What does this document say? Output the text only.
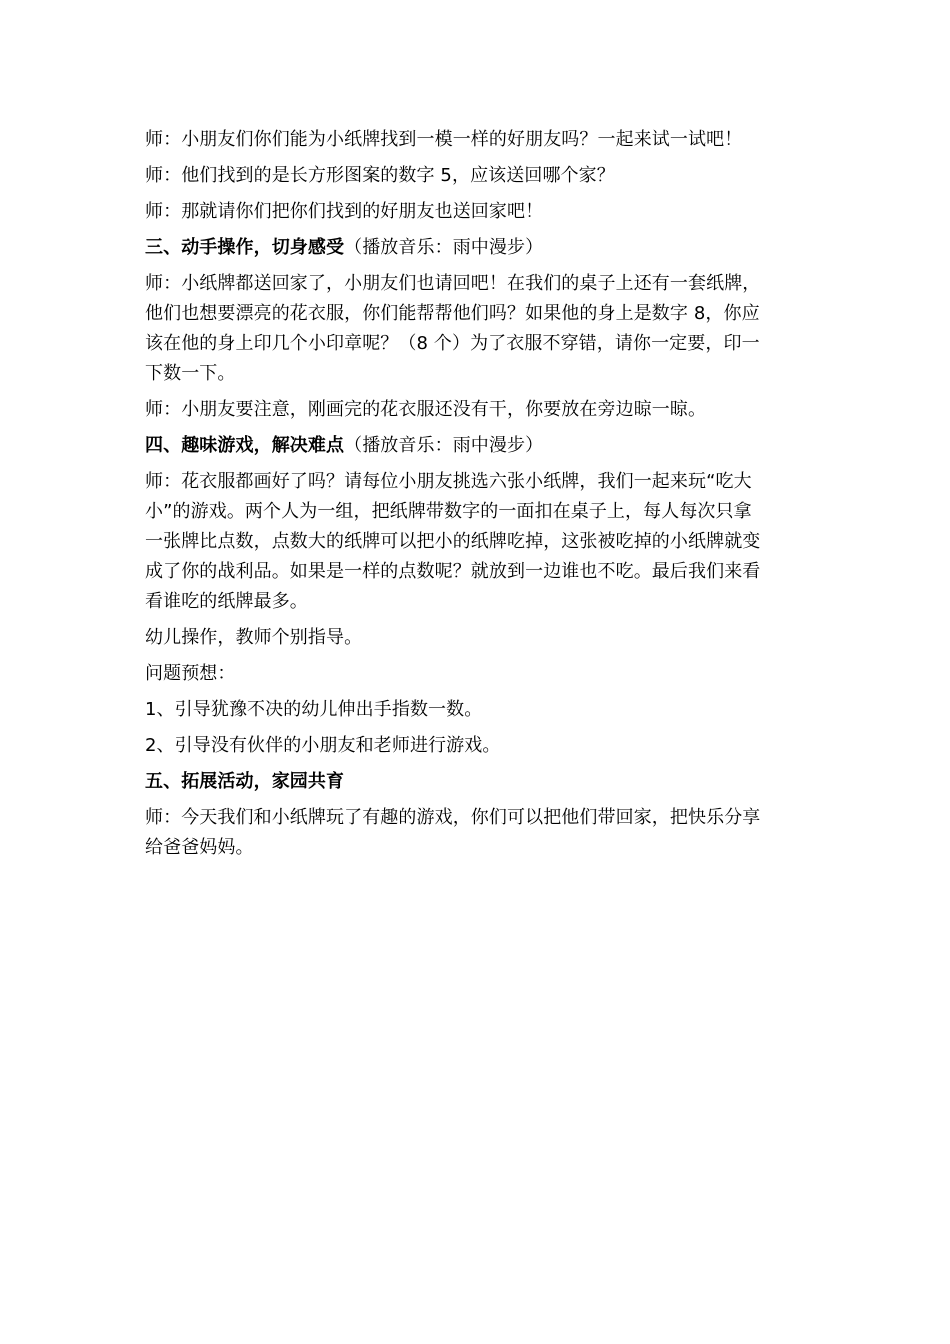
师：小朋友们你们能为小纸牌找到一模一样的好朋友吗？一起来试一试吧！

师：他们找到的是长方形图案的数字 5，应该送回哪个家？

师：那就请你们把你们找到的好朋友也送回家吧！

三、动手操作，切身感受（播放音乐：雨中漫步）

师：小纸牌都送回家了，小朋友们也请回吧！在我们的桌子上还有一套纸牌，

他们也想要漂亮的花衣服，你们能帮帮他们吗？如果他的身上是数字 8，你应

该在他的身上印几个小印章呢？（8 个）为了衣服不穿错，请你一定要，印一

下数一下。

师：小朋友要注意，刚画完的花衣服还没有干，你要放在旁边晾一晾。

四、趣味游戏，解决难点（播放音乐：雨中漫步）

师：花衣服都画好了吗？请每位小朋友挑选六张小纸牌，我们一起来玩“吃大

小”的游戏。两个人为一组，把纸牌带数字的一面扣在桌子上，每人每次只拿

一张牌比点数，点数大的纸牌可以把小的纸牌吃掉，这张被吃掉的小纸牌就变

成了你的战利品。如果是一样的点数呢？就放到一边谁也不吃。最后我们来看

看谁吃的纸牌最多。

幼儿操作，教师个别指导。

问题预想：

1、引导犹豫不决的幼儿伸出手指数一数。

2、引导没有伙伴的小朋友和老师进行游戏。

五、拓展活动，家园共育

师：今天我们和小纸牌玩了有趣的游戏，你们可以把他们带回家，把快乐分享

给爸爸妈妈。
